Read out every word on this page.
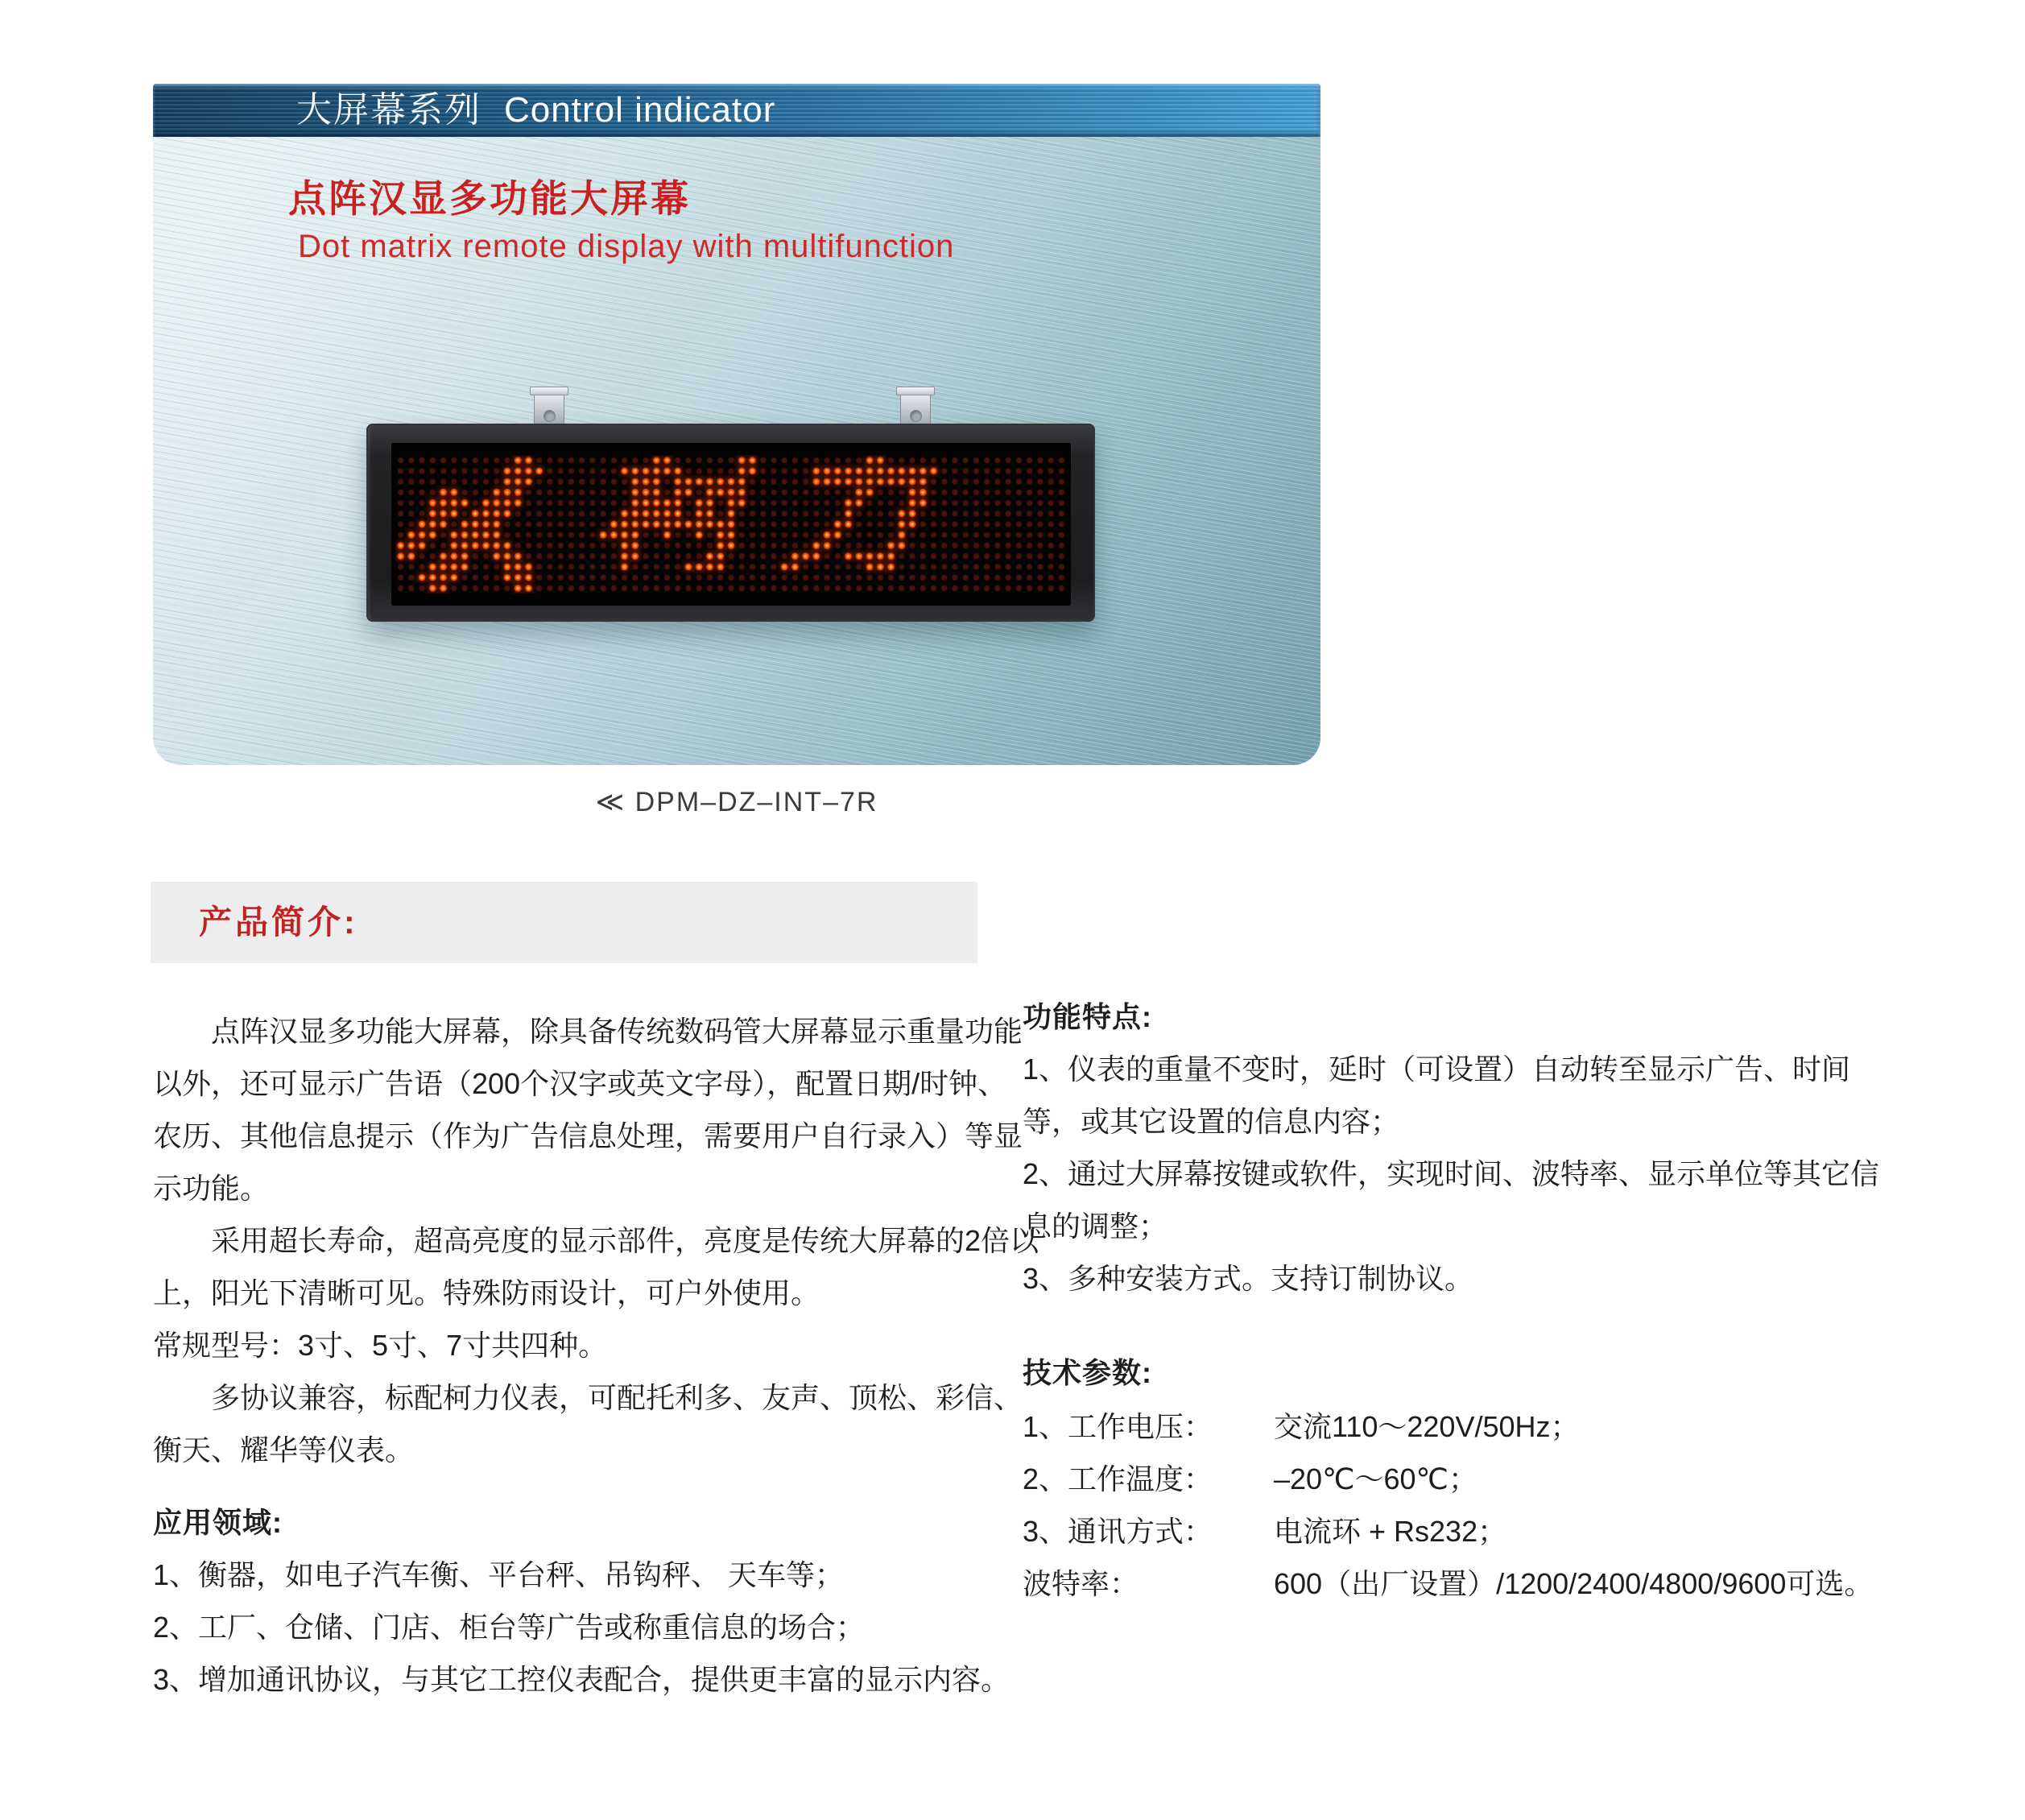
大屏幕系列 Control indicator
点阵汉显多功能大屏幕
Dot matrix remote display with multifunction
≪ DPM–DZ–INT–7R
产品简介:
点阵汉显多功能大屏幕，除具备传统数码管大屏幕显示重量功能
以外，还可显示广告语（200个汉字或英文字母），配置日期/时钟、
农历、其他信息提示（作为广告信息处理，需要用户自行录入）等显
示功能。
采用超长寿命，超高亮度的显示部件，亮度是传统大屏幕的2倍以
上，阳光下清晰可见。特殊防雨设计，可户外使用。
常规型号：3寸、5寸、7寸共四种。
多协议兼容，标配柯力仪表，可配托利多、友声、顶松、彩信、
衡天、耀华等仪表。
应用领域:
1、衡器，如电子汽车衡、平台秤、吊钩秤、 天车等；
2、工厂、仓储、门店、柜台等广告或称重信息的场合；
3、增加通讯协议，与其它工控仪表配合，提供更丰富的显示内容。
功能特点:
1、仪表的重量不变时，延时（可设置）自动转至显示广告、时间
等，或其它设置的信息内容；
2、通过大屏幕按键或软件，实现时间、波特率、显示单位等其它信
息的调整；
3、多种安装方式。支持订制协议。
技术参数:
1、工作电压：	交流110～220V/50Hz；
2、工作温度：	–20℃～60℃；
3、通讯方式：	电流环 + Rs232；
波特率：	600（出厂设置）/1200/2400/4800/9600可选。
